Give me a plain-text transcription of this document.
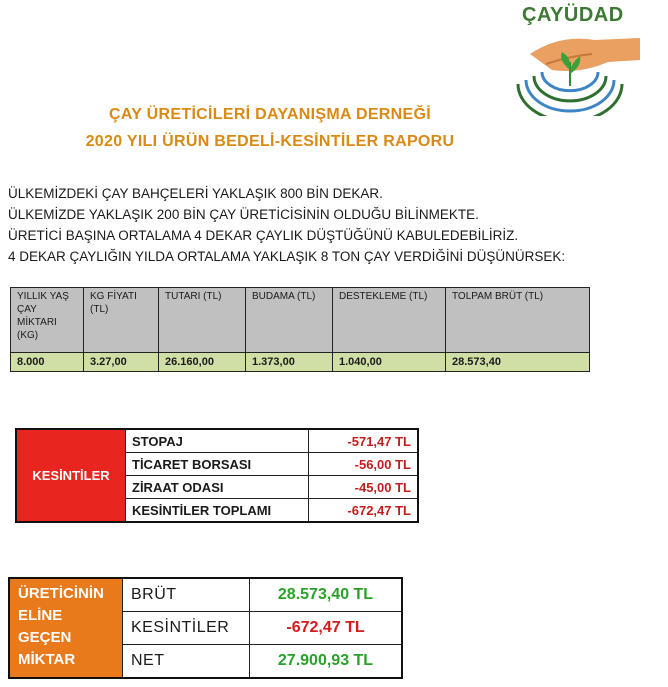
ÇAYÜDAD
ÇAY ÜRETİCİLERİ DAYANIŞMA DERNEĞİ
2020 YILI ÜRÜN BEDELİ-KESİNTİLER RAPORU
ÜLKEMİZDEKİ ÇAY BAHÇELERİ YAKLAŞIK 800 BİN DEKAR.
ÜLKEMİZDE YAKLAŞIK 200 BİN ÇAY ÜRETİCİSİNİN OLDUĞU BİLİNMEKTE.
ÜRETİCİ BAŞINA ORTALAMA 4 DEKAR ÇAYLIK DÜŞTÜĞÜNÜ KABULEDEBİLİRİZ.
4 DEKAR ÇAYLIĞIN YILDA ORTALAMA YAKLAŞIK 8 TON ÇAY VERDİĞİNİ DÜŞÜNÜRSEK:
YILLIK YAŞ ÇAY MİKTARI (KG)	KG FİYATI (TL)	TUTARI (TL)	BUDAMA (TL)	DESTEKLEME (TL)	TOLPAM BRÜT (TL)
8.000	3.27,00	26.160,00	1.373,00	1.040,00	28.573,40
KESİNTİLER	STOPAJ	-571,47 TL
	TİCARET BORSASI	-56,00 TL
	ZİRAAT ODASI	-45,00 TL
	KESİNTİLER TOPLAMI	-672,47 TL
ÜRETİCİNİN ELİNE GEÇEN MİKTAR	BRÜT	28.573,40 TL
	KESİNTİLER	-672,47 TL
	NET	27.900,93 TL
